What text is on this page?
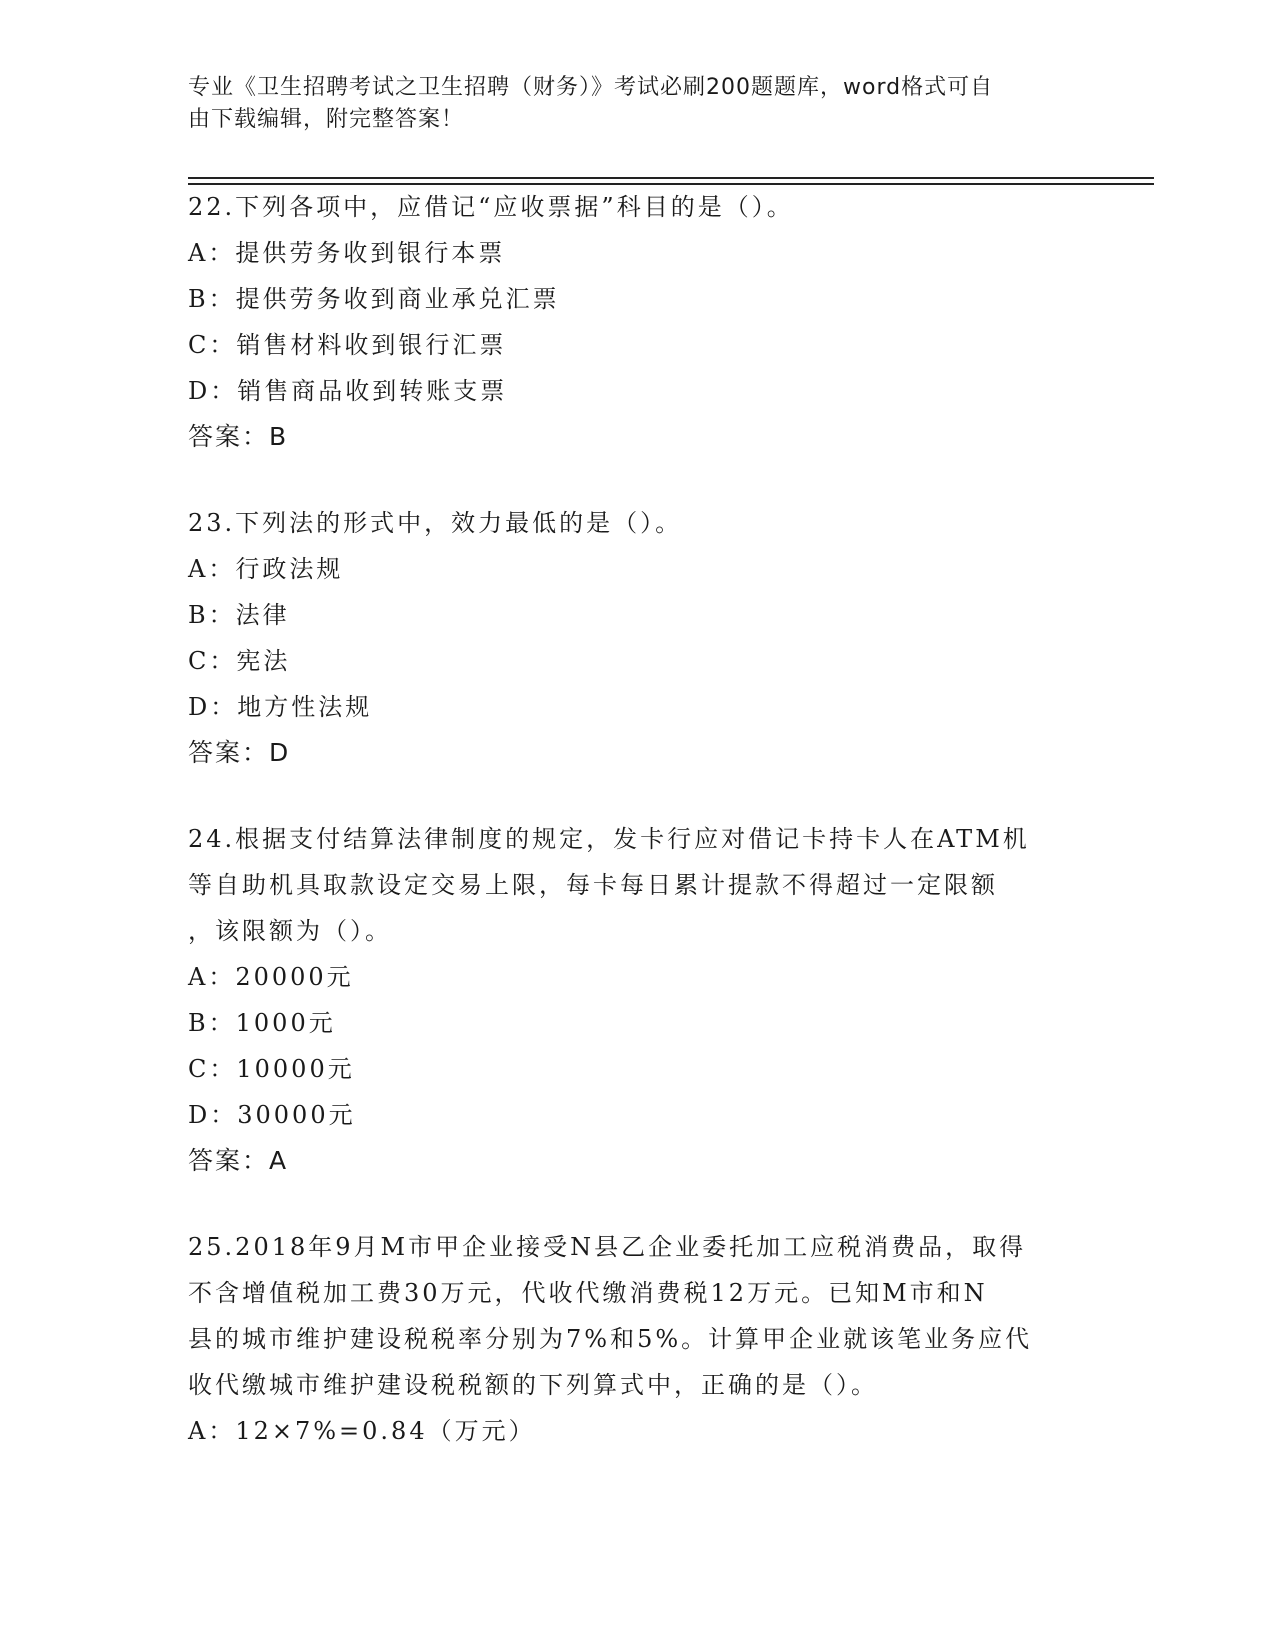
专业《卫生招聘考试之卫生招聘（财务）》考试必刷200题题库，word格式可自
由下载编辑，附完整答案！
22.下列各项中，应借记“应收票据”科目的是（）。
A：提供劳务收到银行本票
B：提供劳务收到商业承兑汇票
C：销售材料收到银行汇票
D：销售商品收到转账支票
答案：B
23.下列法的形式中，效力最低的是（）。
A：行政法规
B：法律
C：宪法
D：地方性法规
答案：D
24.根据支付结算法律制度的规定，发卡行应对借记卡持卡人在ATM机
等自助机具取款设定交易上限，每卡每日累计提款不得超过一定限额
，该限额为（）。
A：20000元
B：1000元
C：10000元
D：30000元
答案：A
25.2018年9月M市甲企业接受N县乙企业委托加工应税消费品，取得
不含增值税加工费30万元，代收代缴消费税12万元。已知M市和N
县的城市维护建设税税率分别为7%和5%。计算甲企业就该笔业务应代
收代缴城市维护建设税税额的下列算式中，正确的是（）。
A：12×7%=0.84（万元）
